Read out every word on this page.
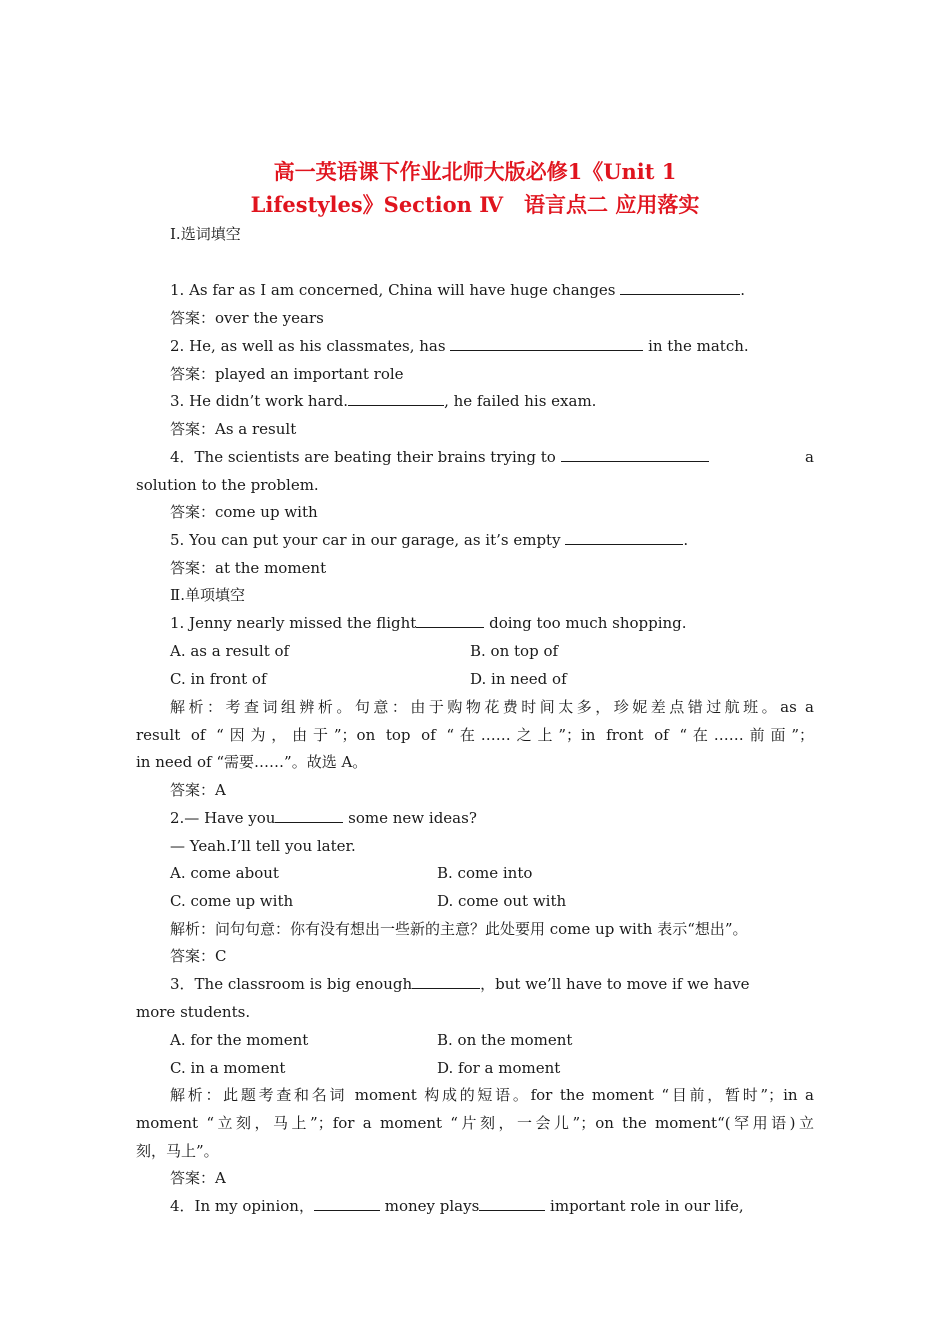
高一英语课下作业北师大版必修1《Unit 1
Lifestyles》Section Ⅳ　语言点二 应用落实
Ⅰ.选词填空
1. As far as I am concerned, China will have huge changes	.
答案：over the years
2. He, as well as his classmates, has	in the match.
答案：played an important role
3. He didn’t work hard.	, he failed his exam.
答案：As a result
4．The scientists are beating their brains trying to	a
solution to the problem.
答案：come up with
5. You can put your car in our garage, as it’s empty	.
答案：at the moment
Ⅱ.单项填空
1. Jenny nearly missed the flight	doing too much shopping.
A. as a result of	B. on top of
C. in front of	D. in need of
解析：考查词组辨析。句意：由于购物花费时间太多，珍妮差点错过航班。as a
result of “因为，由于”；on top of “在……之上”；in front of “在……前面”；
in need of “需要……”。故选 A。
答案：A
2.— Have you	some new ideas?
— Yeah.I’ll tell you later.
A. come about	B. come into
C. come up with	D. come out with
解析：问句句意：你有没有想出一些新的主意？此处要用 come up with 表示“想出”。
答案：C
3．The classroom is big enough	，but we’ll have to move if we have
more students.
A. for the moment	B. on the moment
C. in a moment	D. for a moment
解析：此题考查和名词 moment 构成的短语。for the moment “目前，暂时”；in a
moment “立刻，马上”；for a moment “片刻，一会儿”；on the moment“(罕用语)立
刻，马上”。
答案：A
4．In my opinion，	money plays	important role in our life,
